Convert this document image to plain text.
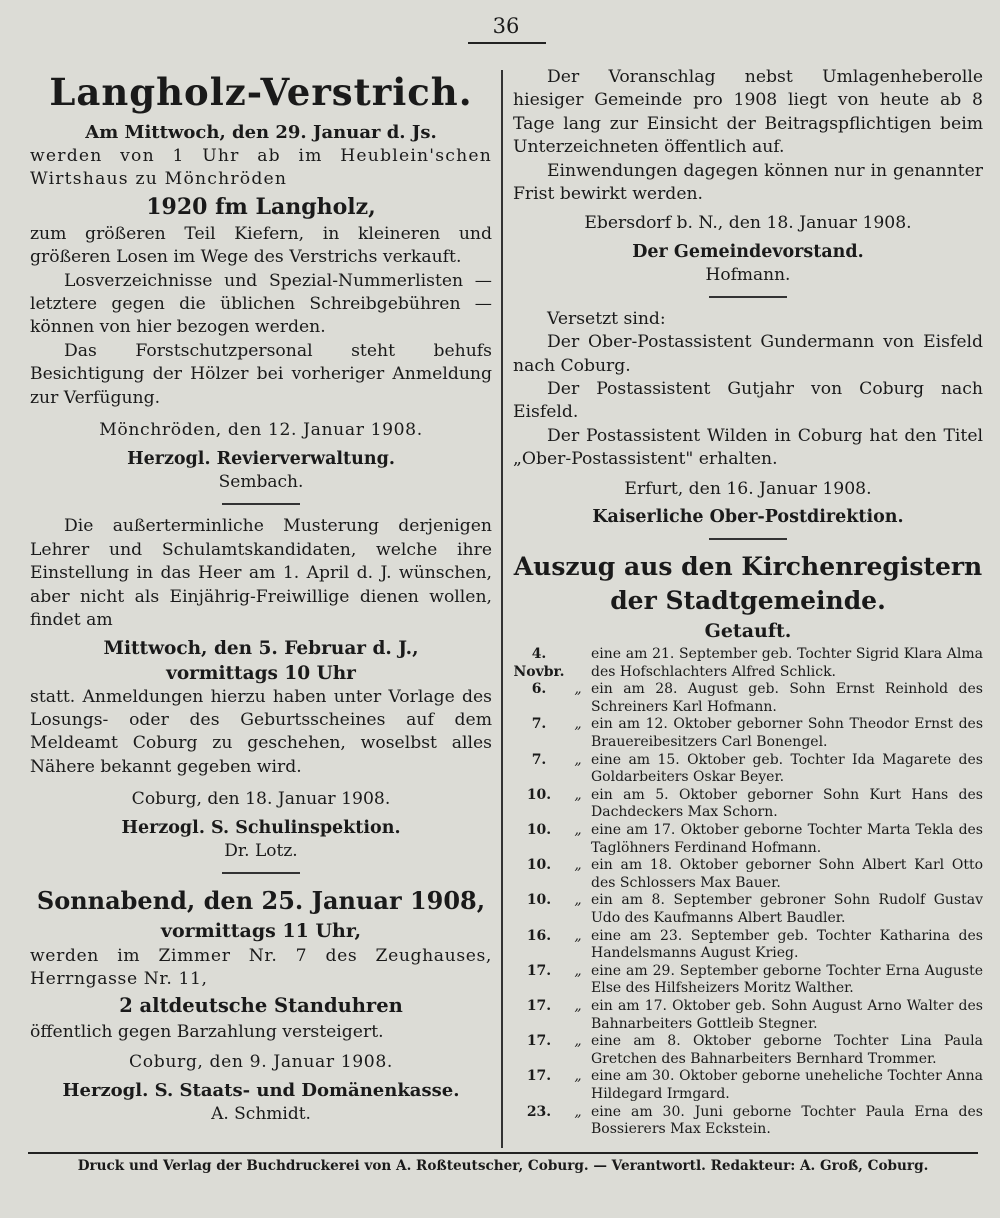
36
Langholz-Verstrich.

Am Mittwoch, den 29. Januar d. Js.

werden von 1 Uhr ab im Heublein'schen Wirtshaus zu Mönchröden

1920 fm Langholz,

zum größeren Teil Kiefern, in kleineren und größeren Losen im Wege des Verstrichs verkauft.

Losverzeichnisse und Spezial-Nummerlisten — letztere gegen die üblichen Schreibgebühren — können von hier bezogen werden.

Das Forstschutzpersonal steht behufs Besichtigung der Hölzer bei vorheriger Anmeldung zur Verfügung.

Mönchröden, den 12. Januar 1908.

Herzogl. Revierverwaltung.
Sembach.

Die außerterminliche Musterung derjenigen Lehrer und Schulamtskandidaten, welche ihre Einstellung in das Heer am 1. April d. J. wünschen, aber nicht als Einjährig-Freiwillige dienen wollen, findet am

Mittwoch, den 5. Februar d. J.,
vormittags 10 Uhr

statt. Anmeldungen hierzu haben unter Vorlage des Losungs- oder des Geburtsscheines auf dem Meldeamt Coburg zu geschehen, woselbst alles Nähere bekannt gegeben wird.

Coburg, den 18. Januar 1908.

Herzogl. S. Schulinspektion.
Dr. Lotz.
Sonnabend, den 25. Januar 1908,
vormittags 11 Uhr,

werden im Zimmer Nr. 7 des Zeughauses, Herrngasse Nr. 11,

2 altdeutsche Standuhren

öffentlich gegen Barzahlung versteigert.

Coburg, den 9. Januar 1908.

Herzogl. S. Staats- und Domänenkasse.
A. Schmidt.

Der Voranschlag nebst Umlagenheberolle hiesiger Gemeinde pro 1908 liegt von heute ab 8 Tage lang zur Einsicht der Beitragspflichtigen beim Unterzeichneten öffentlich auf.

Einwendungen dagegen können nur in genannter Frist bewirkt werden.

Ebersdorf b. N., den 18. Januar 1908.

Der Gemeindevorstand.
Hofmann.

Versetzt sind:

Der Ober-Postassistent Gundermann von Eisfeld nach Coburg.

Der Postassistent Gutjahr von Coburg nach Eisfeld.

Der Postassistent Wilden in Coburg hat den Titel „Ober-Postassistent" erhalten.

Erfurt, den 16. Januar 1908.

Kaiserliche Ober-Postdirektion.
Auszug aus den Kirchenregistern
der Stadtgemeinde.
Getauft.
4. Novbr.		eine am 21. September geb. Tochter Sigrid Klara Alma des Hofschlachters Alfred Schlick.
6.	„	ein am 28. August geb. Sohn Ernst Reinhold des Schreiners Karl Hofmann.
7.	„	ein am 12. Oktober geborner Sohn Theodor Ernst des Brauereibesitzers Carl Bonengel.
7.	„	eine am 15. Oktober geb. Tochter Ida Magarete des Goldarbeiters Oskar Beyer.
10.	„	ein am 5. Oktober geborner Sohn Kurt Hans des Dachdeckers Max Schorn.
10.	„	eine am 17. Oktober geborne Tochter Marta Tekla des Taglöhners Ferdinand Hofmann.
10.	„	ein am 18. Oktober geborner Sohn Albert Karl Otto des Schlossers Max Bauer.
10.	„	ein am 8. September gebroner Sohn Rudolf Gustav Udo des Kaufmanns Albert Baudler.
16.	„	eine am 23. September geb. Tochter Katharina des Handelsmanns August Krieg.
17.	„	eine am 29. September geborne Tochter Erna Auguste Else des Hilfsheizers Moritz Walther.
17.	„	ein am 17. Oktober geb. Sohn August Arno Walter des Bahnarbeiters Gottleib Stegner.
17.	„	eine am 8. Oktober geborne Tochter Lina Paula Gretchen des Bahnarbeiters Bernhard Trommer.
17.	„	eine am 30. Oktober geborne uneheliche Tochter Anna Hildegard Irmgard.
23.	„	eine am 30. Juni geborne Tochter Paula Erna des Bossierers Max Eckstein.
Druck und Verlag der Buchdruckerei von A. Roßteutscher, Coburg. — Verantwortl. Redakteur: A. Groß, Coburg.
